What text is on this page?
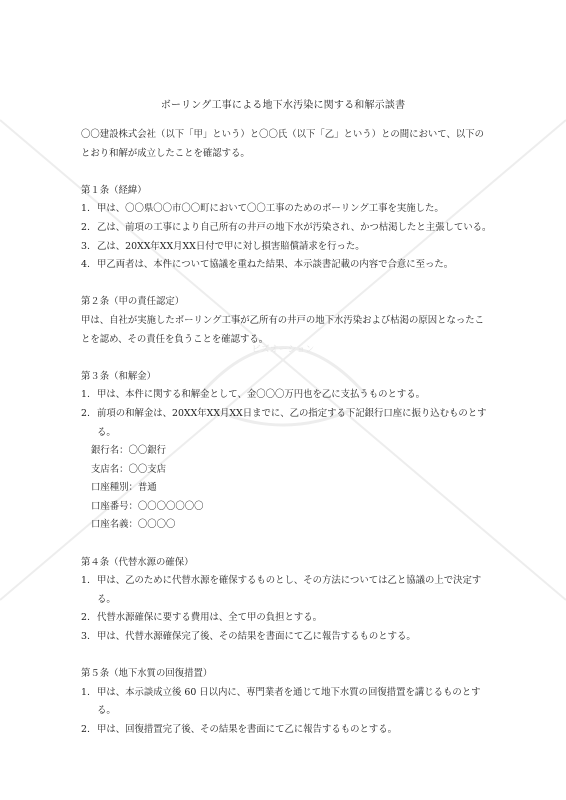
ビズオーション
ボーリング工事による地下水汚染に関する和解示談書

〇〇建設株式会社（以下「甲」という）と〇〇氏（以下「乙」という）との間において、以下のとおり和解が成立したことを確認する。

第１条（経緯）

1. 甲は、〇〇県〇〇市〇〇町において〇〇工事のためのボーリング工事を実施した。
2. 乙は、前項の工事により自己所有の井戸の地下水が汚染され、かつ枯渇したと主張している。
3. 乙は、20XX年XX月XX日付で甲に対し損害賠償請求を行った。
4. 甲乙両者は、本件について協議を重ねた結果、本示談書記載の内容で合意に至った。

第２条（甲の責任認定）

甲は、自社が実施したボーリング工事が乙所有の井戸の地下水汚染および枯渇の原因となったことを認め、その責任を負うことを確認する。

第３条（和解金）

1. 甲は、本件に関する和解金として、金〇〇〇万円也を乙に支払うものとする。
2. 前項の和解金は、20XX年XX月XX日までに、乙の指定する下記銀行口座に振り込むものとする。

銀行名：〇〇銀行

支店名：〇〇支店

口座種別：普通

口座番号：〇〇〇〇〇〇〇

口座名義：〇〇〇〇

第４条（代替水源の確保）

1. 甲は、乙のために代替水源を確保するものとし、その方法については乙と協議の上で決定する。
2. 代替水源確保に要する費用は、全て甲の負担とする。
3. 甲は、代替水源確保完了後、その結果を書面にて乙に報告するものとする。

第５条（地下水質の回復措置）

1. 甲は、本示談成立後 60 日以内に、専門業者を通じて地下水質の回復措置を講じるものとする。
2. 甲は、回復措置完了後、その結果を書面にて乙に報告するものとする。
